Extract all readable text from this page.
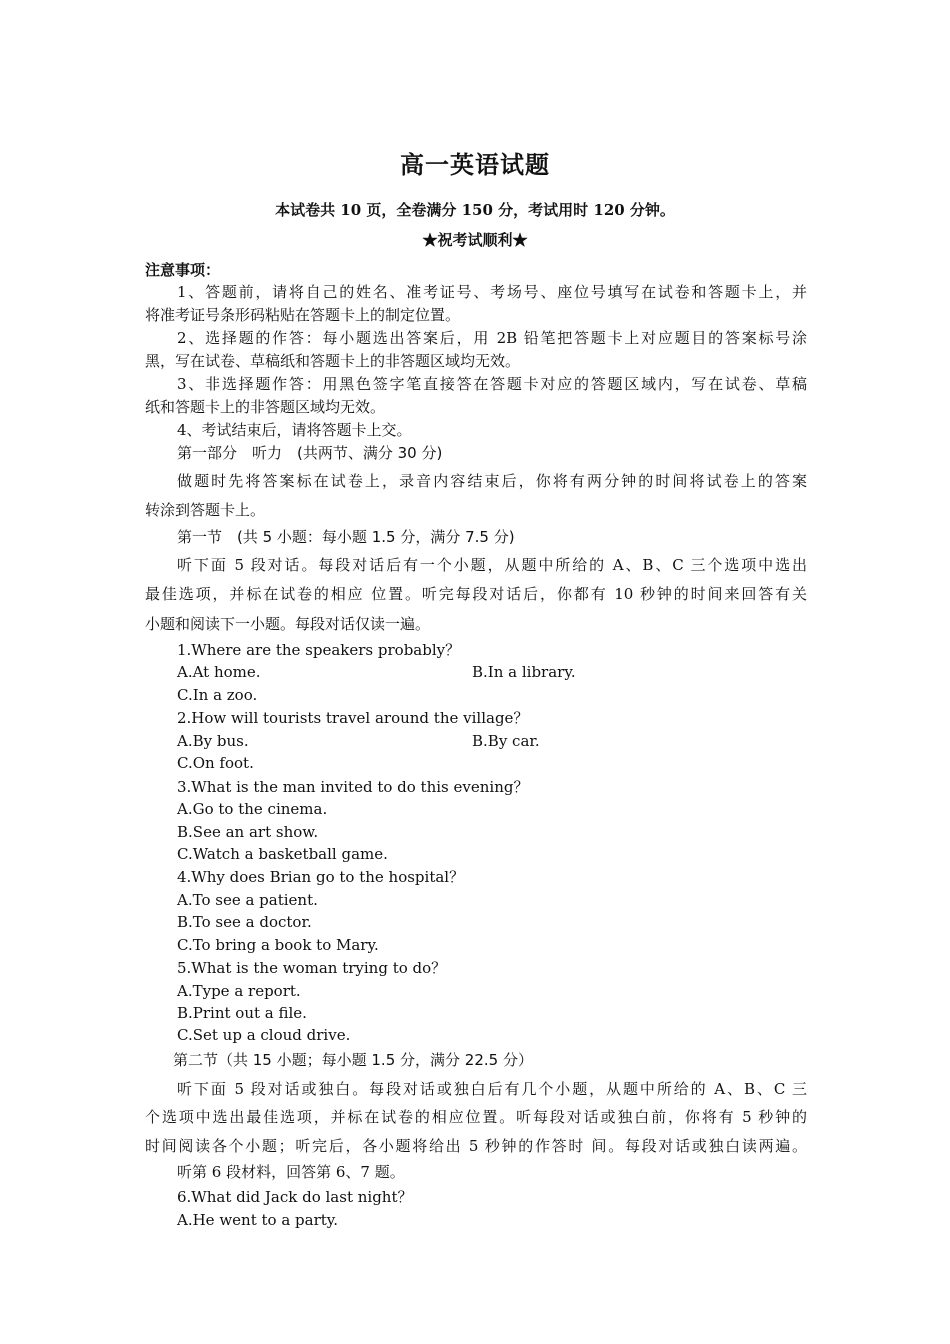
高一英语试题
本试卷共 10 页，全卷满分 150 分，考试用时 120 分钟。
★祝考试顺利★
注意事项：
1、答题前，请将自己的姓名、准考证号、考场号、座位号填写在试卷和答题卡上，并
将准考证号条形码粘贴在答题卡上的制定位置。
2、选择题的作答：每小题选出答案后，用 2B 铅笔把答题卡上对应题目的答案标号涂
黑，写在试卷、草稿纸和答题卡上的非答题区域均无效。
3、非选择题作答：用黑色签字笔直接答在答题卡对应的答题区域内，写在试卷、草稿
纸和答题卡上的非答题区域均无效。
4、考试结束后，请将答题卡上交。
第一部分　听力　(共两节、满分 30 分)
做题时先将答案标在试卷上，录音内容结束后，你将有两分钟的时间将试卷上的答案
转涂到答题卡上。
第一节　(共 5 小题：每小题 1.5 分，满分 7.5 分)
听下面 5 段对话。每段对话后有一个小题，从题中所给的 A、B、C 三个选项中选出
最佳选项，并标在试卷的相应 位置。听完每段对话后，你都有 10 秒钟的时间来回答有关
小题和阅读下一小题。每段对话仅读一遍。
1.Where are the speakers probably？
A.At home.	B.In a library.
C.In a zoo.
2.How will tourists travel around the village？
A.By bus.	B.By car.
C.On foot.
3.What is the man invited to do this evening？
A.Go to the cinema.
B.See an art show.
C.Watch a basketball game.
4.Why does Brian go to the hospital？
A.To see a patient.
B.To see a doctor.
C.To bring a book to Mary.
5.What is the woman trying to do？
A.Type a report.
B.Print out a file.
C.Set up a cloud drive.
第二节（共 15 小题；每小题 1.5 分，满分 22.5 分）
听下面 5 段对话或独白。每段对话或独白后有几个小题，从题中所给的 A、B、C 三
个选项中选出最佳选项，并标在试卷的相应位置。听每段对话或独白前，你将有 5 秒钟的
时间阅读各个小题；听完后，各小题将给出 5 秒钟的作答时 间。每段对话或独白读两遍。
听第 6 段材料，回答第 6、7 题。
6.What did Jack do last night？
A.He went to a party.
